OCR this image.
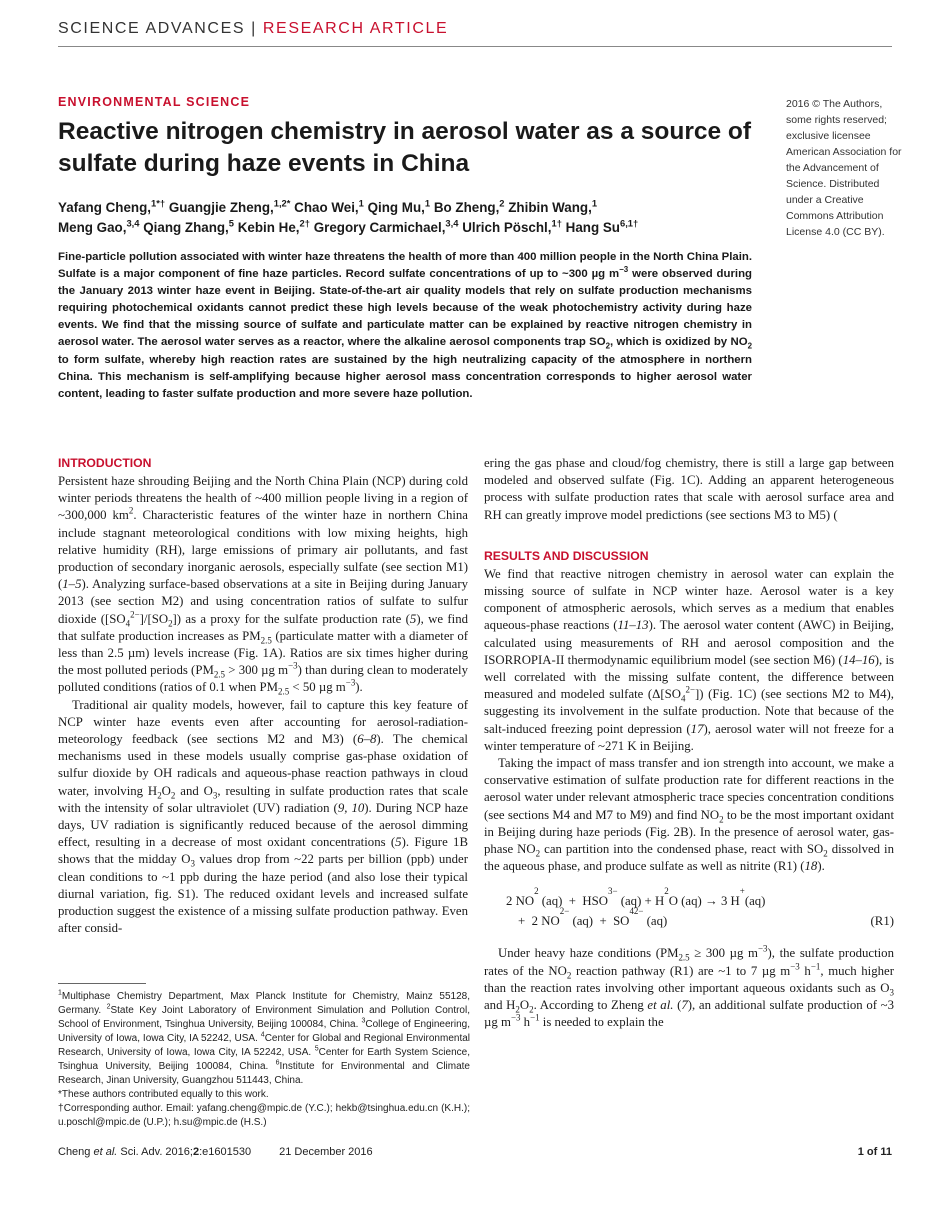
SCIENCE ADVANCES | RESEARCH ARTICLE
ENVIRONMENTAL SCIENCE
Reactive nitrogen chemistry in aerosol water as a source of sulfate during haze events in China
2016 © The Authors, some rights reserved; exclusive licensee American Association for the Advancement of Science. Distributed under a Creative Commons Attribution License 4.0 (CC BY).
Yafang Cheng,$^{1*\dagger}$ Guangjie Zheng,$^{1,2*}$ Chao Wei,$^1$ Qing Mu,$^1$ Bo Zheng,$^2$ Zhibin Wang,$^1$
Meng Gao,$^{3,4}$ Qiang Zhang,$^5$ Kebin He,$^{2\dagger}$ Gregory Carmichael,$^{3,4}$ Ulrich Pöschl,$^{1\dagger}$ Hang $Su^{6,1\dagger}$

Fine-particle pollution associated with winter haze threatens the health of more than 400 million people in the North China Plain. Sulfate is a major component of fine haze particles. Record sulfate concentrations of up to ~300 µg $m^{-3}$ were observed during the January 2013 winter haze event in Beijing. State-of-the-art air quality models that rely on sulfate production mechanisms requiring photochemical oxidants cannot predict these high levels because of the weak photochemistry activity during haze events. We find that the missing source of sulfate and particulate matter can be explained by reactive nitrogen chemistry in aerosol water. The aerosol water serves as a reactor, where the alkaline aerosol components trap $SO_2$, which is oxidized by $NO_2$ to form sulfate, whereby high reaction rates are sustained by the high neutralizing capacity of the atmosphere in northern China. This mechanism is self-amplifying because higher aerosol mass concentration corresponds to higher aerosol water content, leading to faster sulfate production and more severe haze pollution.

INTRODUCTION

Persistent haze shrouding Beijing and the North China Plain (NCP) during cold winter periods threatens the health of ~400 million people living in a region of ~300,000 $km^2$. Characteristic features of the winter haze in northern China include stagnant meteorological conditions with low mixing heights, high relative humidity (RH), large emissions of primary air pollutants, and fast production of secondary inorganic aerosols, especially sulfate (see section M1) (1–5). Analyzing surface-based observations at a site in Beijing during January 2013 (see section M2) and using concentration ratios of sulfate to sulfur dioxide $([SO_4^{2-}]/[SO_2])$ as a proxy for the sulfate production rate (5), we find that sulfate production increases as $PM_{2.5}$ (particulate matter with a diameter of less than 2.5 µm) levels increase (Fig. 1A). Ratios are six times higher during the most polluted periods ($PM_{2.5} > 300$ µg $m^{-3}$) than during clean to moderately polluted conditions (ratios of 0.1 when $PM_{2.5} < 50$ µg $m^{-3}$).

Traditional air quality models, however, fail to capture this key feature of NCP winter haze events even after accounting for aerosol-radiation-meteorology feedback (see sections M2 and M3) (6–8). The chemical mechanisms used in these models usually comprise gas-phase oxidation of sulfur dioxide by OH radicals and aqueous-phase reaction pathways in cloud water, involving $H_2O_2$ and $O_3$, resulting in sulfate production rates that scale with the intensity of solar ultraviolet (UV) radiation (9, 10). During NCP haze days, UV radiation is significantly reduced because of the aerosol dimming effect, resulting in a decrease of most oxidant concentrations (5). Figure 1B shows that the midday $O_3$ values drop from ~22 parts per billion (ppb) under clean conditions to ~1 ppb during the haze period (and also lose their typical diurnal variation, fig. S1). The reduced oxidant levels and increased sulfate production suggest the existence of a missing sulfate production pathway. Even after consid-

$^1$Multiphase Chemistry Department, Max Planck Institute for Chemistry, Mainz 55128, Germany. $^2$State Key Joint Laboratory of Environment Simulation and Pollution Control, School of Environment, Tsinghua University, Beijing 100084, China. $^3$College of Engineering, University of Iowa, Iowa City, IA 52242, USA. $^4$Center for Global and Regional Environmental Research, University of Iowa, Iowa City, IA 52242, USA. $^5$Center for Earth System Science, Tsinghua University, Beijing 100084, China. $^6$Institute for Environmental and Climate Research, Jinan University, Guangzhou 511443, China.

*These authors contributed equally to this work.

†Corresponding author. Email: yafang.cheng@mpic.de (Y.C.); hekb@tsinghua.edu.cn (K.H.); u.poschl@mpic.de (U.P.); h.su@mpic.de (H.S.)

ering the gas phase and cloud/fog chemistry, there is still a large gap between modeled and observed sulfate (Fig. 1C). Adding an apparent heterogeneous process with sulfate production rates that scale with aerosol surface area and RH can greatly improve model predictions (see sections M3 to M5) (

RESULTS AND DISCUSSION

We find that reactive nitrogen chemistry in aerosol water can explain the missing source of sulfate in NCP winter haze. Aerosol water is a key component of atmospheric aerosols, which serves as a medium that enables aqueous-phase reactions (11–13). The aerosol water content (AWC) in Beijing, calculated using measurements of RH and aerosol composition and the ISORROPIA-II thermodynamic equilibrium model (see section M6) (14–16), is well correlated with the missing sulfate content, the difference between measured and modeled sulfate $(\Delta[SO_4^{2-}])$ (Fig. 1C) (see sections M2 to M4), suggesting its involvement in the sulfate production. Note that because of the salt-induced freezing point depression (17), aerosol water will not freeze for a winter temperature of ~271 K in Beijing.

Taking the impact of mass transfer and ion strength into account, we make a conservative estimation of sulfate production rate for different reactions in the aerosol water under relevant atmospheric trace species concentration conditions (see sections M4 and M7 to M9) and find $NO_2$ to be the most important oxidant in Beijing during haze periods (Fig. 2B). In the presence of aerosol water, gas-phase $NO_2$ can partition into the condensed phase, react with $SO_2$ dissolved in the aqueous phase, and produce sulfate as well as nitrite (R1) (18).

2 NO
2
(aq)  +  HSO
3 −
(aq) + H
2
O (aq) → 3 H
+
(aq)
+  2 NO
2 −
(aq)  +  SO
4 2−
(aq)	(R1)

Under heavy haze conditions ($PM_{2.5} \ge 300$ µg $m^{-3}$), the sulfate production rates of the $NO_2$ reaction pathway (R1) are ~1 to 7 µg $m^{-3}$ $h^{-1}$, much higher than the reaction rates involving other important aqueous oxidants such as $O_3$ and $H_2O_2$. According to Zheng et al. (7), an additional sulfate production of ~3 µg $m^{-3}$ $h^{-1}$ is needed to explain the

Cheng et al. Sci. Adv. 2016;2:e1601530	21 December 2016	1 of 11
